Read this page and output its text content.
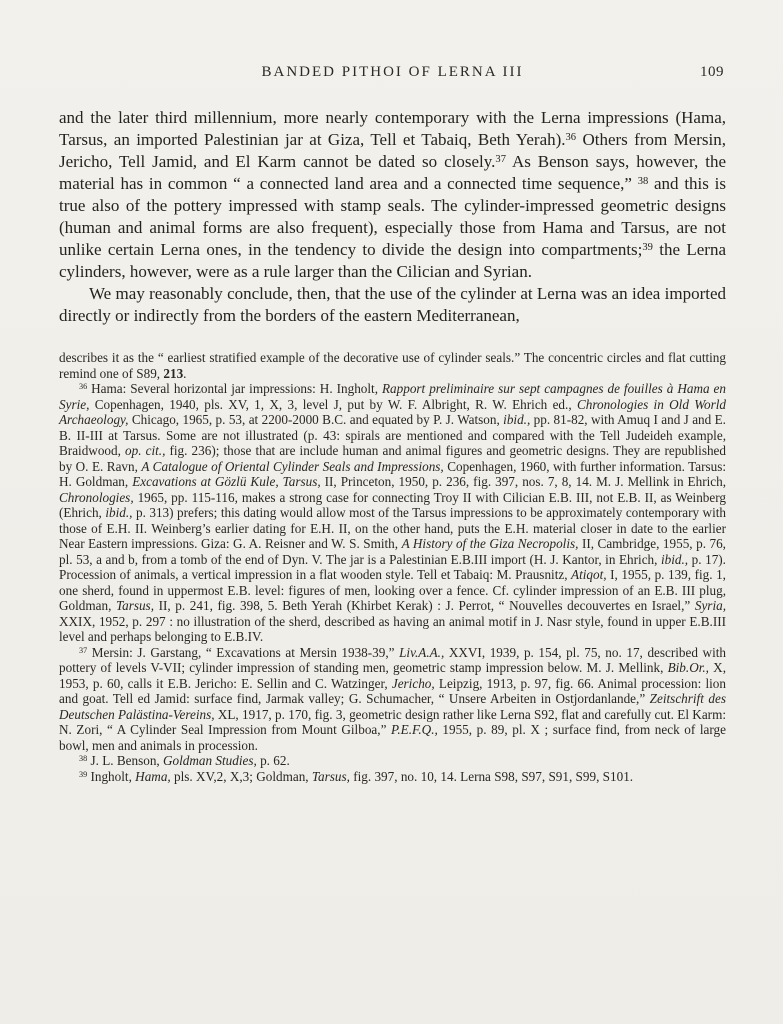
BANDED PITHOI OF LERNA III	109

and the later third millennium, more nearly contemporary with the Lerna impressions (Hama, Tarsus, an imported Palestinian jar at Giza, Tell et Tabaiq, Beth Yerah).$^{36}$ Others from Mersin, Jericho, Tell Jamid, and El Karm cannot be dated so closely.$^{37}$ As Benson says, however, the material has in common “ a connected land area and a connected time sequence,” $^{38}$ and this is true also of the pottery impressed with stamp seals. The cylinder-impressed geometric designs (human and animal forms are also frequent), especially those from Hama and Tarsus, are not unlike certain Lerna ones, in the tendency to divide the design into compartments;$^{39}$ the Lerna cylinders, however, were as a rule larger than the Cilician and Syrian.

We may reasonably conclude, then, that the use of the cylinder at Lerna was an idea imported directly or indirectly from the borders of the eastern Mediterranean,

describes it as the “ earliest stratified example of the decorative use of cylinder seals.” The concentric circles and flat cutting remind one of S89, 213.

$^{36}$ Hama: Several horizontal jar impressions: H. Ingholt, Rapport preliminaire sur sept campagnes de fouilles à Hama en Syrie, Copenhagen, 1940, pls. XV, 1, X, 3, level J, put by W. F. Albright, R. W. Ehrich ed., Chronologies in Old World Archaeology, Chicago, 1965, p. 53, at 2200-2000 B.C. and equated by P. J. Watson, ibid., pp. 81-82, with Amuq I and J and E. B. II-III at Tarsus. Some are not illustrated (p. 43: spirals are mentioned and compared with the Tell Judeideh example, Braidwood, op. cit., fig. 236); those that are include human and animal figures and geometric designs. They are republished by O. E. Ravn, A Catalogue of Oriental Cylinder Seals and Impressions, Copenhagen, 1960, with further information. Tarsus: H. Goldman, Excavations at Gözlü Kule, Tarsus, II, Princeton, 1950, p. 236, fig. 397, nos. 7, 8, 14. M. J. Mellink in Ehrich, Chronologies, 1965, pp. 115-116, makes a strong case for connecting Troy II with Cilician E.B. III, not E.B. II, as Weinberg (Ehrich, ibid., p. 313) prefers; this dating would allow most of the Tarsus impressions to be approximately contemporary with those of E.H. II. Weinberg’s earlier dating for E.H. II, on the other hand, puts the E.H. material closer in date to the earlier Near Eastern impressions. Giza: G. A. Reisner and W. S. Smith, A History of the Giza Necropolis, II, Cambridge, 1955, p. 76, pl. 53, a and b, from a tomb of the end of Dyn. V. The jar is a Palestinian E.B.III import (H. J. Kantor, in Ehrich, ibid., p. 17). Procession of animals, a vertical impression in a flat wooden style. Tell et Tabaiq: M. Prausnitz, Atiqot, I, 1955, p. 139, fig. 1, one sherd, found in uppermost E.B. level: figures of men, looking over a fence. Cf. cylinder impression of an E.B. III plug, Goldman, Tarsus, II, p. 241, fig. 398, 5. Beth Yerah (Khirbet Kerak) : J. Perrot, “ Nouvelles decouvertes en Israel,” Syria, XXIX, 1952, p. 297 : no illustration of the sherd, described as having an animal motif in J. Nasr style, found in upper E.B.III level and perhaps belonging to E.B.IV.

$^{37}$ Mersin: J. Garstang, “ Excavations at Mersin 1938-39,” Liv.A.A., XXVI, 1939, p. 154, pl. 75, no. 17, described with pottery of levels V-VII; cylinder impression of standing men, geometric stamp impression below. M. J. Mellink, Bib.Or., X, 1953, p. 60, calls it E.B. Jericho: E. Sellin and C. Watzinger, Jericho, Leipzig, 1913, p. 97, fig. 66. Animal procession: lion and goat. Tell ed Jamid: surface find, Jarmak valley; G. Schumacher, “ Unsere Arbeiten in Ostjordanlande,” Zeitschrift des Deutschen Palästina-Vereins, XL, 1917, p. 170, fig. 3, geometric design rather like Lerna S92, flat and carefully cut. El Karm: N. Zori, “ A Cylinder Seal Impression from Mount Gilboa,” P.E.F.Q., 1955, p. 89, pl. X ; surface find, from neck of large bowl, men and animals in procession.

$^{38}$ J. L. Benson, Goldman Studies, p. 62.

$^{39}$ Ingholt, Hama, pls. XV,2, X,3; Goldman, Tarsus, fig. 397, no. 10, 14. Lerna S98, S97, S91, S99, S101.
